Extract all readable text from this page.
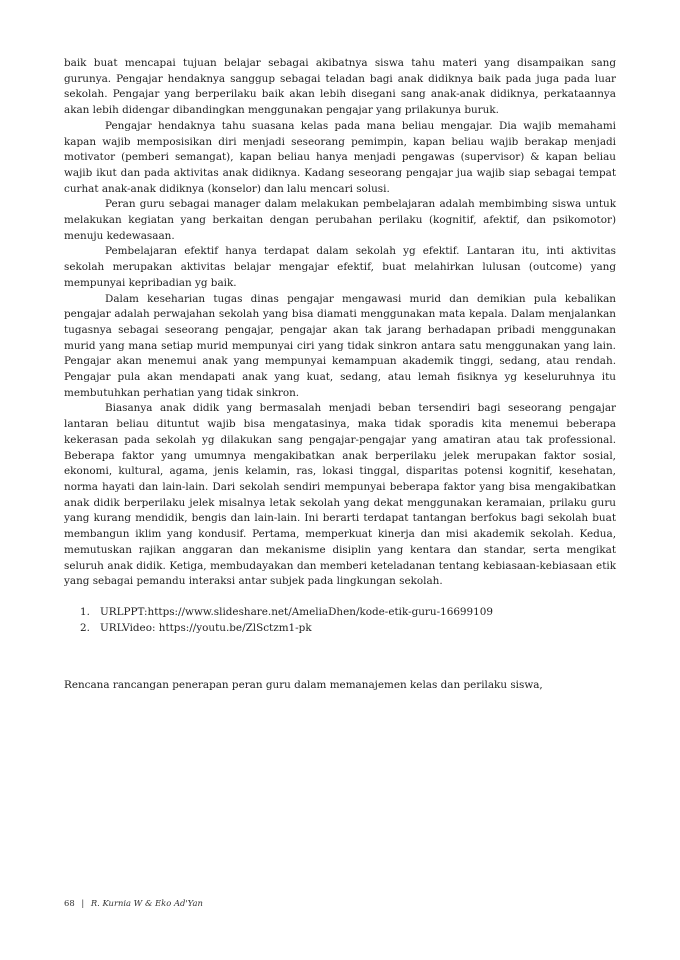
baik buat mencapai tujuan belajar sebagai akibatnya siswa tahu materi yang disampaikan sang gurunya. Pengajar hendaknya sanggup sebagai teladan bagi anak didiknya baik pada juga pada luar sekolah. Pengajar yang berperilaku baik akan lebih disegani sang anak-anak didiknya, perkataannya akan lebih didengar dibandingkan menggunakan pengajar yang prilakunya buruk.

Pengajar hendaknya tahu suasana kelas pada mana beliau mengajar. Dia wajib memahami kapan wajib memposisikan diri menjadi seseorang pemimpin, kapan beliau wajib berakap menjadi motivator (pemberi semangat), kapan beliau hanya menjadi pengawas (supervisor) & kapan beliau wajib ikut dan pada aktivitas anak didiknya. Kadang seseorang pengajar jua wajib siap sebagai tempat curhat anak-anak didiknya (konselor) dan lalu mencari solusi.

Peran guru sebagai manager dalam melakukan pembelajaran adalah membimbing siswa untuk melakukan kegiatan yang berkaitan dengan perubahan perilaku (kognitif, afektif, dan psikomotor) menuju kedewasaan.

Pembelajaran efektif hanya terdapat dalam sekolah yg efektif. Lantaran itu, inti aktivitas sekolah merupakan aktivitas belajar mengajar efektif, buat melahirkan lulusan (outcome) yang mempunyai kepribadian yg baik.

Dalam keseharian tugas dinas pengajar mengawasi murid dan demikian pula kebalikan pengajar adalah perwajahan sekolah yang bisa diamati menggunakan mata kepala. Dalam menjalankan tugasnya sebagai seseorang pengajar, pengajar akan tak jarang berhadapan pribadi menggunakan murid yang mana setiap murid mempunyai ciri yang tidak sinkron antara satu menggunakan yang lain. Pengajar akan menemui anak yang mempunyai kemampuan akademik tinggi, sedang, atau rendah. Pengajar pula akan mendapati anak yang kuat, sedang, atau lemah fisiknya yg keseluruhnya itu membutuhkan perhatian yang tidak sinkron.

Biasanya anak didik yang bermasalah menjadi beban tersendiri bagi seseorang pengajar lantaran beliau dituntut wajib bisa mengatasinya, maka tidak sporadis kita menemui beberapa kekerasan pada sekolah yg dilakukan sang pengajar-pengajar yang amatiran atau tak professional. Beberapa faktor yang umumnya mengakibatkan anak berperilaku jelek merupakan faktor sosial, ekonomi, kultural, agama, jenis kelamin, ras, lokasi tinggal, disparitas potensi kognitif, kesehatan, norma hayati dan lain-lain. Dari sekolah sendiri mempunyai beberapa faktor yang bisa mengakibatkan anak didik berperilaku jelek misalnya letak sekolah yang dekat menggunakan keramaian, prilaku guru yang kurang mendidik, bengis dan lain-lain. Ini berarti terdapat tantangan berfokus bagi sekolah buat membangun iklim yang kondusif. Pertama, memperkuat kinerja dan misi akademik sekolah. Kedua, memutuskan rajikan anggaran dan mekanisme disiplin yang kentara dan standar, serta mengikat seluruh anak didik. Ketiga, membudayakan dan memberi keteladanan tentang kebiasaan-kebiasaan etik yang sebagai pemandu interaksi antar subjek pada lingkungan sekolah.

1. URLPPT:https://www.slideshare.net/AmeliaDhen/kode-etik-guru-16699109
2. URLVideo: https://youtu.be/ZlSctzm1-pk

Rencana rancangan penerapan peran guru dalam memanajemen kelas dan perilaku siswa,

68 | R. Kurnia W & Eko Ad'Yan
